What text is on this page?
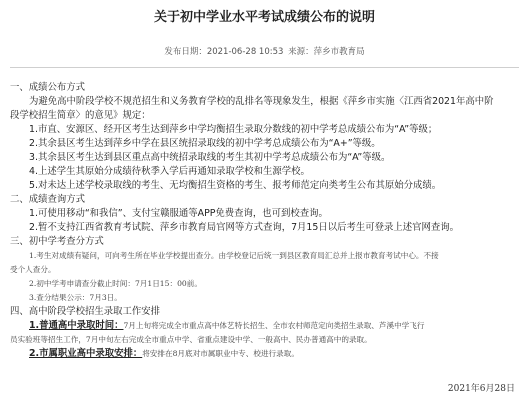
关于初中学业水平考试成绩公布的说明
发布日期：2021-06-28 10:53 来源：萍乡市教育局
一、成绩公布方式
为避免高中阶段学校不规范招生和义务教育学校的乱排名等现象发生，根据《萍乡市实施〈江西省2021年高中阶
段学校招生简章〉的意见》规定：
1.市直、安源区、经开区考生达到萍乡中学均衡招生录取分数线的初中学考总成绩公布为“A”等级；
2.其余县区考生达到萍乡中学在县区统招录取线的初中学考总成绩公布为“A+”等级。
3.其余县区考生达到县区重点高中统招录取线的考生其初中学考总成绩公布为“A”等级。
4.上述学生其原始分成绩待秋季入学后再通知录取学校和生源学校。
5.对未达上述学校录取线的考生、无均衡招生资格的考生、报考师范定向类考生公布其原始分成绩。
二、成绩查询方式
1.可使用移动“和我信”、支付宝赣服通等APP免费查询，也可到校查询。
2.暂不支持江西省教育考试院、萍乡市教育局官网等方式查询，7月15日以后考生可登录上述官网查询。
三、初中学考查分方式
1.考生对成绩有疑问，可向考生所在毕业学校提出查分。由学校登记后统一到县区教育局汇总并上报市教育考试中心。不接
受个人查分。
2.初中学考申请查分截止时间：7月1日15：00前。
3.查分结果公示：7月3日。
四、高中阶段学校招生录取工作安排
1.普通高中录取时间：7月上旬将完成全市重点高中体艺特长招生、全市农村师范定向类招生录取、芦溪中学飞行
员实验班等招生工作，7月中旬左右完成全市重点中学、省重点建设中学、一般高中、民办普通高中的录取。
2.市属职业高中录取安排：将安排在8月底对市属职业中专、校进行录取。
2021年6月28日
